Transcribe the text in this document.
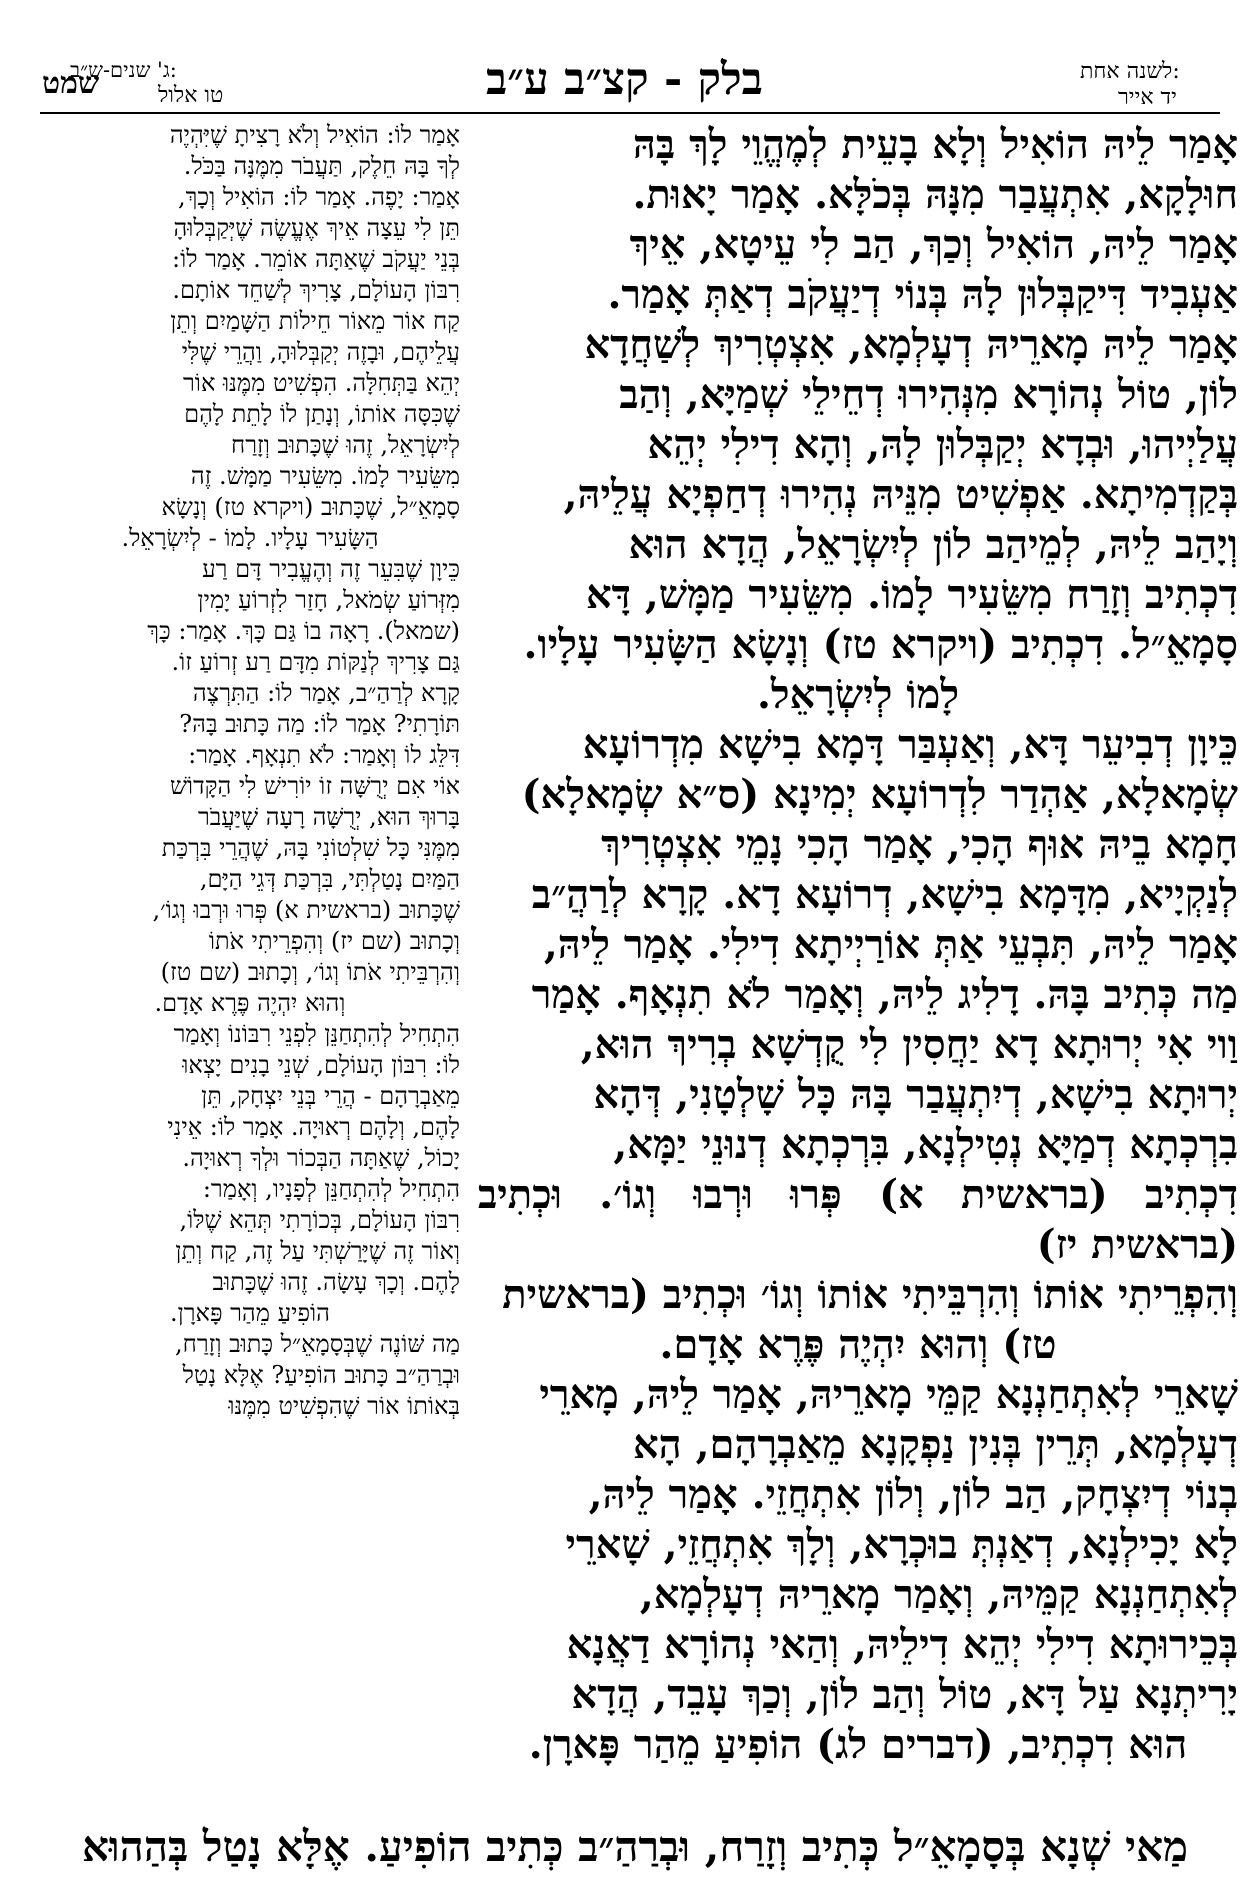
שמט
ג' שנים-ש״ב:
טו אלול	בלק - קצ״ב ע״ב	לשנה אחת:
יד אייר

אָמַר לֵיהּ הוֹאִיל וְלָא בָעֵית לְמֶהֱוֵי לָךְ בָּהּ

חוּלָקָא, אִתְעֲבַר מִנָּהּ בְּכֹלָּא. אָמַר יָאוּת.

אָמַר לֵיהּ, הוֹאִיל וְכַךְ, הַב לִי עֵיטָא, אֵיךְ

אַעְבִיד דִּיקַבְּלוּן לָהּ בְּנוֹי דְיַעֲקֹב דְאַתְּ אָמַר.

אָמַר לֵיהּ מָארֵיהּ דְעָלְמָא, אִצְטְרִיךְ לְשַׁחֲדָא

לוֹן, טוֹל נְהוֹרָא מִנְּהִירוּ דְחֵילֵי שְׁמַיָּא, וְהַב

עֲלַיְיהוּ, וּבְדָא יְקַבְּלוּן לָהּ, וְהָא דִילִי יְהֵא

בְּקַדְמִיתָא. אַפְשִׁיט מִנֵּיהּ נְהִירוּ דְחַפְיָא עֲלֵיהּ,

וְיָהַב לֵיהּ, לְמֵיהַב לוֹן לְיִשְׂרָאֵל, הֲדָא הוּא

דִכְתִיב וְזָרַח מִשֵּׂעִיר לָמוֹ. מִשֵּׂעִיר מַמָּשׁ, דָּא

סָמָאֵ״ל. דִכְתִיב (ויקרא טז) וְנָשָׂא הַשָּׂעִיר עָלָיו.

לָמוֹ לְיִשְׂרָאֵל.

כֵּיוָן דְבִיעֵר דָּא, וְאַעְבַּר דָּמָא בִישָׁא מִדְרוֹעָא

שְׂמָאלָא, אַהְדַר לִדְרוֹעָא יְמִינָא (ס״א שְׂמָאלָא)

חָמָא בֵיהּ אוּף הָכִי, אָמַר הָכִי נָמֵי אִצְטְרִיךְ

לְנַקְיָיא, מִדָּמָא בִישָׁא, דְרוֹעָא דָא. קָרָא לְרַהֲ״ב

אָמַר לֵיהּ, תִּבְעֵי אַתְּ אוֹרַיְיתָא דִילִי. אָמַר לֵיהּ,

מַה כְּתִיב בָּהּ. דָלִיג לֵיהּ, וְאָמַר לֹא תִנְאָף. אָמַר

וַוי אִי יְרוּתָא דָא יַחֲסִין לִי קֻדְשָׁא בְרִיךְ הוּא,

יְרוּתָא בִישָׁא, דְיִתְעֲבַר בָּהּ כָּל שָׁלְטָנִי, דְּהָא

בִרְכְתָא דְמַיָּא נְטִילְנָא, בִּרְכְתָא דְנוּנֵי יַמָּא,

דִכְתִיב (בראשית א) פְּרוּ וּרְבוּ וְגוֹ׳. וּכְתִיב (בראשית יז)

וְהִפְרֵיתִי אוֹתוֹ וְהִרְבֵּיתִי אוֹתוֹ וְגוֹ׳ וּכְתִיב (בראשית

טז) וְהוּא יִהְיֶה פֶּרֶא אָדָם.

שָׁארֵי לְאִתְחַנְנָא קַמֵּי מָארֵיהּ, אָמַר לֵיהּ, מָארֵי

דְעָלְמָא, תְּרֵין בְּנִין נַפְקָנָא מֵאַבְרָהָם, הָא

בְנוֹי דְיִצְחָק, הַב לוֹן, וְלוֹן אִתְחֲזֵי. אָמַר לֵיהּ,

לָא יָכִילְנָא, דְאַנְתְּ בוּכְרָא, וְלָךְ אִתְחֲזֵי, שָׁארֵי

לְאִתְחַנְנָא קַמֵּיהּ, וְאָמַר מָארֵיהּ דְעָלְמָא,

בְּכֵירוּתָא דִילִי יְהֵא דִילֵיהּ, וְהַאי נְהוֹרָא דַאֲנָא

יָרִיתְנָא עַל דָּא, טוֹל וְהַב לוֹן, וְכַךְ עָבֵד, הֲדָא

הוּא דִכְתִיב, (דברים לג) הוֹפִיעַ מֵהַר פָּארָן.

אָמַר לוֹ: הוֹאִיל וְלֹא רָצִיתָ שֶׁיִּהְיֶה

לְךָ בָּהּ חֵלֶק, תַּעֲבֹר מִמֶּנָּה בַּכֹּל.

אָמַר: יָפֶה. אָמַר לוֹ: הוֹאִיל וְכָךְ,

תֵּן לִי עֵצָה אֵיךְ אֶעֱשֶׂה שֶׁיְּקַבְּלוּהָ

בְּנֵי יַעֲקֹב שֶׁאַתָּה אוֹמֵר. אָמַר לוֹ:

רִבּוֹן הָעוֹלָם, צָרִיךְ לְשַׁחֵד אוֹתָם.

קַח אוֹר מֵאוֹר חֵילוֹת הַשָּׁמַיִם וְתֵן

עֲלֵיהֶם, וּבָזֶה יְקַבְּלוּהָ, וַהֲרֵי שֶׁלִּי

יְהֵא בַּתְּחִלָּה. הִפְשִׁיט מִמֶּנּוּ אוֹר

שֶׁכִּסָּה אוֹתוֹ, וְנָתַן לוֹ לָתֵת לָהֶם

לְיִשְׂרָאֵל, זֶהוּ שֶׁכָּתוּב וְזָרַח

מִשֵּׂעִיר לָמוֹ. מִשֵּׂעִיר מַמָּשׁ. זֶה

סָמָאֵ״ל, שֶׁכָּתוּב (ויקרא טז) וְנָשָׂא

הַשָּׂעִיר עָלָיו. לָמוֹ - לְיִשְׂרָאֵל.

כֵּיוָן שֶׁבִּעֵר זֶה וְהֶעֱבִיר דָּם רַע

מִזְּרוֹעַ שְׂמֹאל, חָזַר לִזְרוֹעַ יָמִין

(שמאל). רָאָה בוֹ גַּם כָּךְ. אָמַר: כָּךְ

גַּם צָרִיךְ לְנַקּוֹת מִדָּם רַע זְרוֹעַ זוֹ.

קָרָא לְרַהַ״ב, אָמַר לוֹ: הַתִּרְצֶה

תּוֹרָתִי? אָמַר לוֹ: מַה כָּתוּב בָּהּ?

דִּלֵּג לוֹ וְאָמַר: לֹא תִנְאָף. אָמַר:

אוֹי אִם יְרֻשָּׁה זוֹ יוֹרִישׁ לִי הַקָּדוֹשׁ

בָּרוּךְ הוּא, יְרֻשָּׁה רָעָה שֶׁיַּעֲבֹר

מִמֶּנִּי כָּל שִׁלְטוֹנִי בָּהּ, שֶׁהֲרֵי בִּרְכַּת

הַמַּיִם נָטַלְתִּי, בִּרְכַּת דְּגֵי הַיָּם,

שֶׁכָּתוּב (בראשית א) פְּרוּ וּרְבוּ וְגוֹ׳,

וְכָתוּב (שם יז) וְהִפְרֵיתִי אֹתוֹ

וְהִרְבֵּיתִי אֹתוֹ וְגוֹ׳, וְכָתוּב (שם טז)

וְהוּא יִהְיֶה פֶּרֶא אָדָם.

הִתְחִיל לְהִתְחַנֵּן לִפְנֵי רִבּוֹנוֹ וְאָמַר

לוֹ: רִבּוֹן הָעוֹלָם, שְׁנֵי בָנִים יָצְאוּ

מֵאַבְרָהָם - הֲרֵי בְּנֵי יִצְחָק, תֵּן

לָהֶם, וְלָהֶם רְאוּיָה. אָמַר לוֹ: אֵינִי

יָכוֹל, שֶׁאַתָּה הַבְּכוֹר וּלְךָ רְאוּיָה.

הִתְחִיל לְהִתְחַנֵּן לְפָנָיו, וְאָמַר:

רִבּוֹן הָעוֹלָם, בְּכוֹרָתִי תְּהֵא שֶׁלּוֹ,

וְאוֹר זֶה שֶׁיָּרַשְׁתִּי עַל זֶה, קַח וְתֵן

לָהֶם. וְכָךְ עָשָׂה. זֶהוּ שֶׁכָּתוּב

הוֹפִיעַ מֵהַר פָּארָן.

מַה שּׁוֹנֶה שֶׁבְּסָמָאֵ״ל כָּתוּב וְזָרַח,

וּבְרַהַ״ב כָּתוּב הוֹפִיעַ? אֶלָּא נָטַל

בְּאוֹתוֹ אוֹר שֶׁהִפְשִׁיט מִמֶּנּוּ

מַאי שְׁנָא בְּסָמָאֵ״ל כְּתִיב וְזָרַח, וּבְרַהַ״ב כְּתִיב הוֹפִיעַ. אֶלָּא נָטַל בְּהַהוּא
